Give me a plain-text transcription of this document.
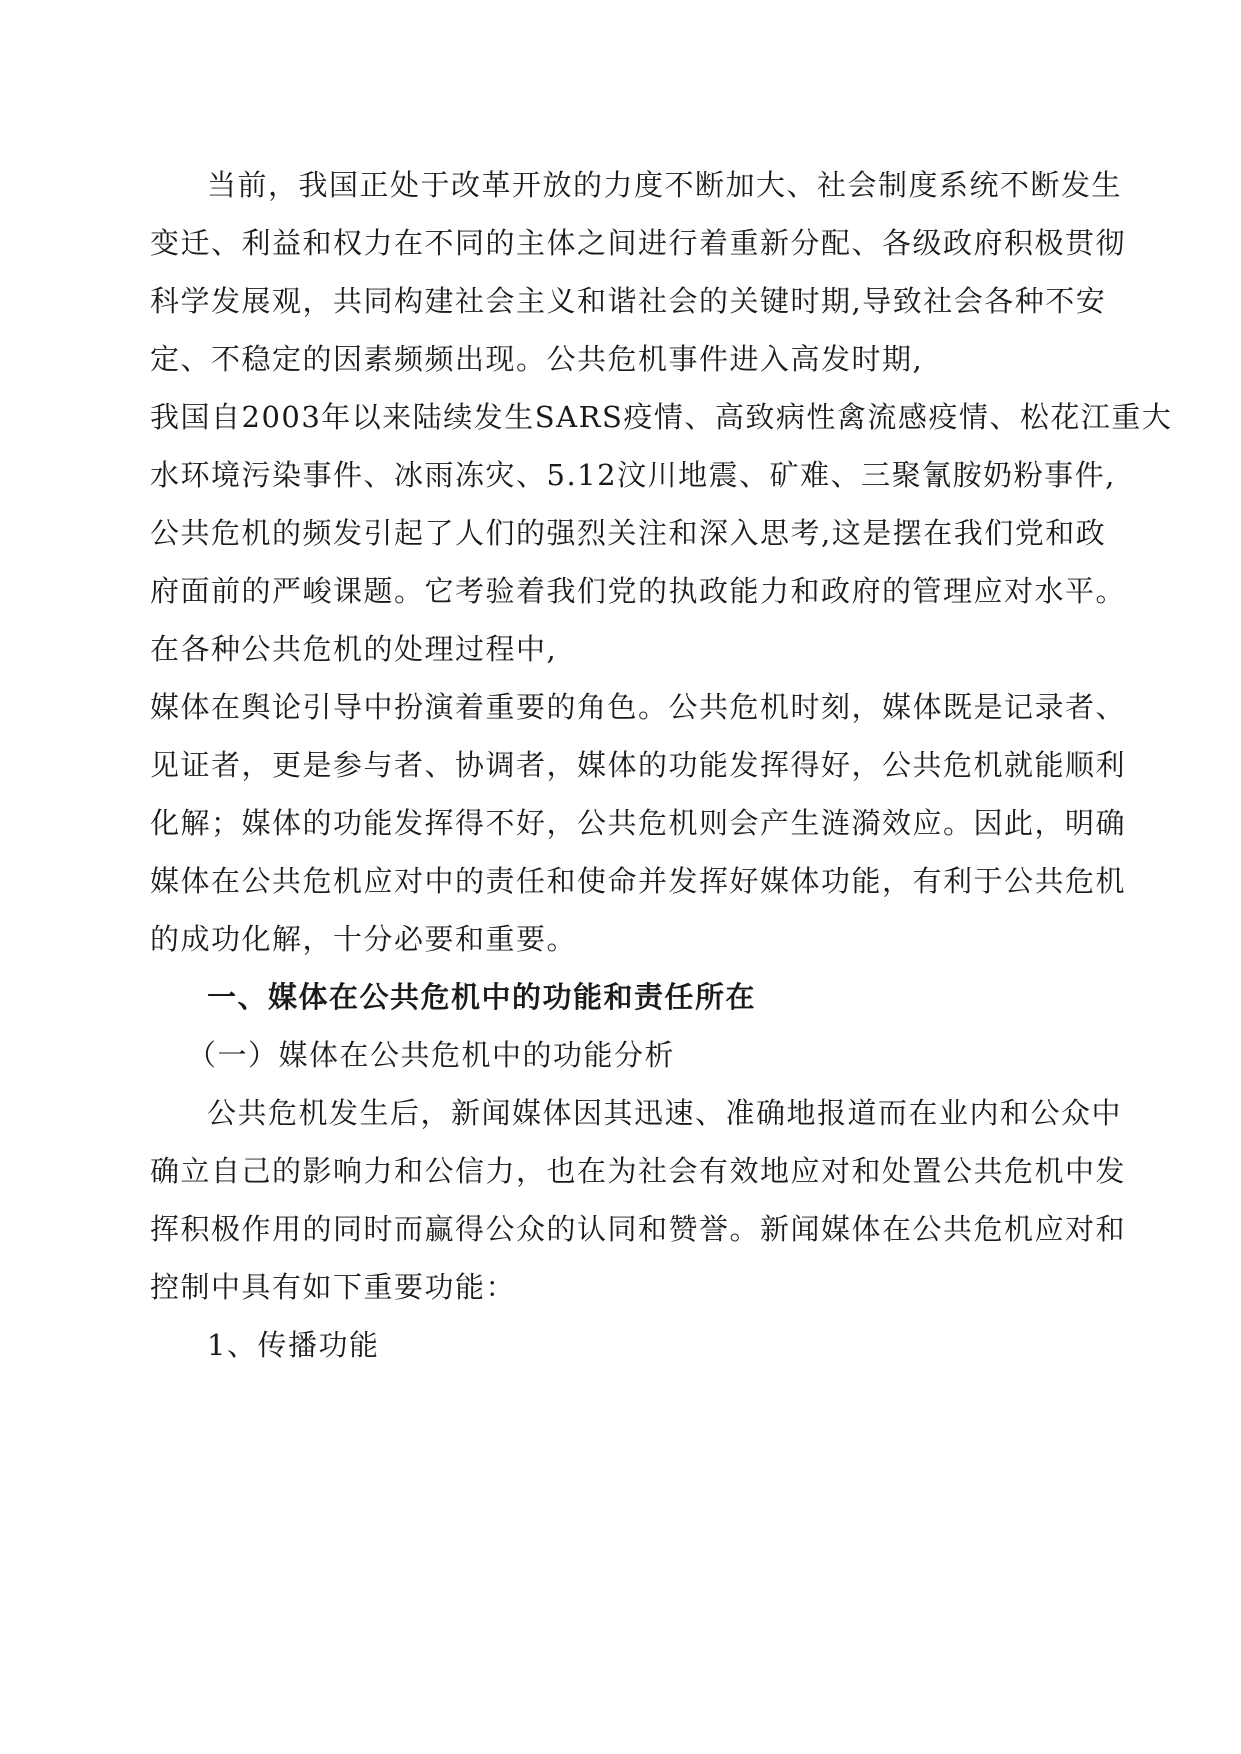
当前，我国正处于改革开放的力度不断加大、社会制度系统不断发生
变迁、利益和权力在不同的主体之间进行着重新分配、各级政府积极贯彻
科学发展观，共同构建社会主义和谐社会的关键时期,导致社会各种不安
定、不稳定的因素频频出现。公共危机事件进入高发时期,
我国自2003年以来陆续发生SARS疫情、高致病性禽流感疫情、松花江重大
水环境污染事件、冰雨冻灾、5.12汶川地震、矿难、三聚氰胺奶粉事件,
公共危机的频发引起了人们的强烈关注和深入思考,这是摆在我们党和政
府面前的严峻课题。它考验着我们党的执政能力和政府的管理应对水平。
在各种公共危机的处理过程中,
媒体在舆论引导中扮演着重要的角色。公共危机时刻，媒体既是记录者、
见证者，更是参与者、协调者，媒体的功能发挥得好，公共危机就能顺利
化解；媒体的功能发挥得不好，公共危机则会产生涟漪效应。因此，明确
媒体在公共危机应对中的责任和使命并发挥好媒体功能，有利于公共危机
的成功化解，十分必要和重要。
一、媒体在公共危机中的功能和责任所在
（一）媒体在公共危机中的功能分析
公共危机发生后，新闻媒体因其迅速、准确地报道而在业内和公众中
确立自己的影响力和公信力，也在为社会有效地应对和处置公共危机中发
挥积极作用的同时而赢得公众的认同和赞誉。新闻媒体在公共危机应对和
控制中具有如下重要功能：
1、传播功能
